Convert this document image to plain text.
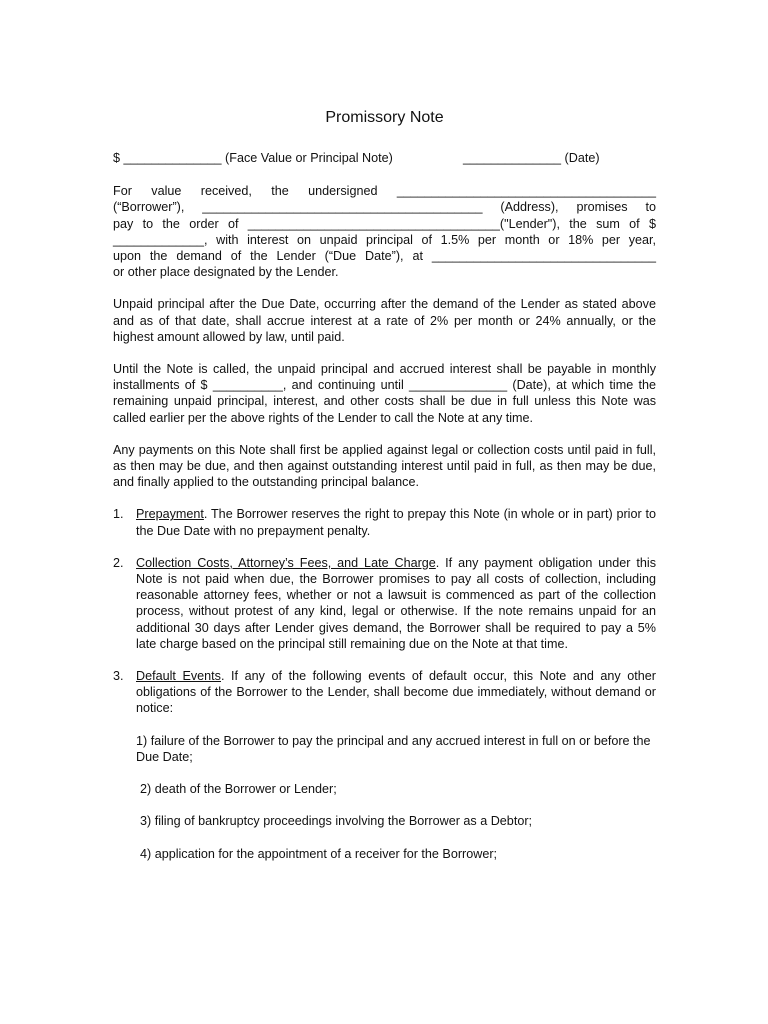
Promissory Note
$ ______________ (Face Value or Principal Note)	______________ (Date)

For value received, the undersigned _____________________________________
(“Borrower”), ________________________________________ (Address), promises to
pay to the order of ____________________________________("Lender"), the sum of $
_____________, with interest on unpaid principal of 1.5% per month or 18% per year,
upon the demand of the Lender (“Due Date”), at ________________________________
or other place designated by the Lender.

Unpaid principal after the Due Date, occurring after the demand of the Lender as stated above and as of that date, shall accrue interest at a rate of 2% per month or 24% annually, or the highest amount allowed by law, until paid.

Until the Note is called, the unpaid principal and accrued interest shall be payable in monthly installments of $ __________, and continuing until ______________ (Date), at which time the remaining unpaid principal, interest, and other costs shall be due in full unless this Note was called earlier per the above rights of the Lender to call the Note at any time.

Any payments on this Note shall first be applied against legal or collection costs until paid in full, as then may be due, and then against outstanding interest until paid in full, as then may be due, and finally applied to the outstanding principal balance.

1. Prepayment. The Borrower reserves the right to prepay this Note (in whole or in part) prior to the Due Date with no prepayment penalty.
2. Collection Costs, Attorney’s Fees, and Late Charge. If any payment obligation under this Note is not paid when due, the Borrower promises to pay all costs of collection, including reasonable attorney fees, whether or not a lawsuit is commenced as part of the collection process, without protest of any kind, legal or otherwise. If the note remains unpaid for an additional 30 days after Lender gives demand, the Borrower shall be required to pay a 5% late charge based on the principal still remaining due on the Note at that time.
3. Default Events. If any of the following events of default occur, this Note and any other obligations of the Borrower to the Lender, shall become due immediately, without demand or notice:
1) failure of the Borrower to pay the principal and any accrued interest in full on or before the Due Date;
2) death of the Borrower or Lender;
3) filing of bankruptcy proceedings involving the Borrower as a Debtor;
4) application for the appointment of a receiver for the Borrower;
